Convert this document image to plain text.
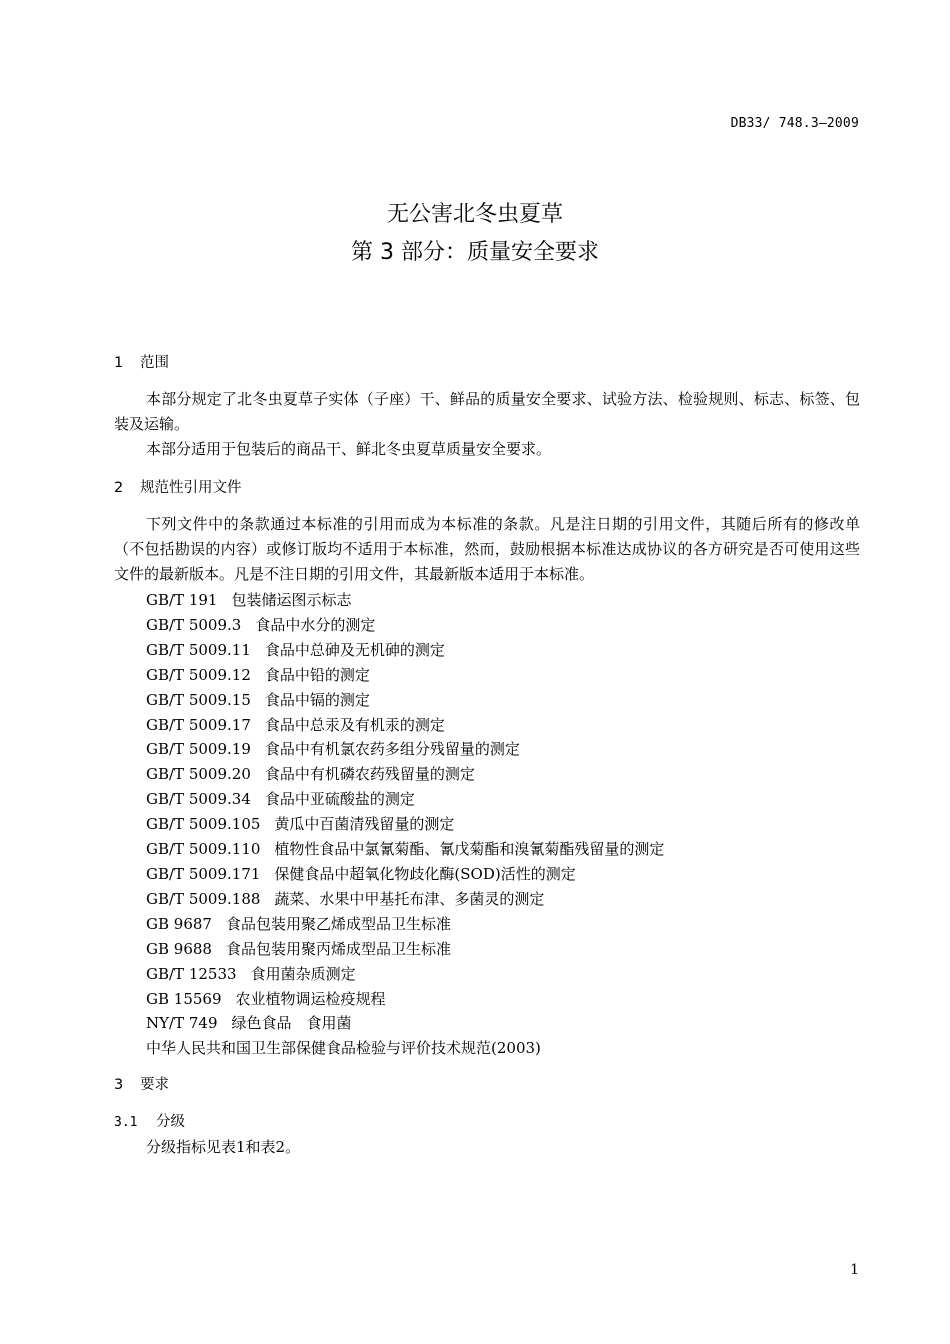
DB33/ 748.3—2009
无公害北冬虫夏草
第 3 部分：质量安全要求
1 范围
本部分规定了北冬虫夏草子实体（子座）干、鲜品的质量安全要求、试验方法、检验规则、标志、标签、包装及运输。
本部分适用于包装后的商品干、鲜北冬虫夏草质量安全要求。
2 规范性引用文件
下列文件中的条款通过本标准的引用而成为本标准的条款。凡是注日期的引用文件，其随后所有的修改单（不包括勘误的内容）或修订版均不适用于本标准，然而，鼓励根据本标准达成协议的各方研究是否可使用这些文件的最新版本。凡是不注日期的引用文件，其最新版本适用于本标准。
GB/T 191 包装储运图示标志
GB/T 5009.3 食品中水分的测定
GB/T 5009.11 食品中总砷及无机砷的测定
GB/T 5009.12 食品中铅的测定
GB/T 5009.15 食品中镉的测定
GB/T 5009.17 食品中总汞及有机汞的测定
GB/T 5009.19 食品中有机氯农药多组分残留量的测定
GB/T 5009.20 食品中有机磷农药残留量的测定
GB/T 5009.34 食品中亚硫酸盐的测定
GB/T 5009.105 黄瓜中百菌清残留量的测定
GB/T 5009.110 植物性食品中氯氰菊酯、氰戊菊酯和溴氰菊酯残留量的测定
GB/T 5009.171 保健食品中超氧化物歧化酶(SOD)活性的测定
GB/T 5009.188 蔬菜、水果中甲基托布津、多菌灵的测定
GB 9687 食品包装用聚乙烯成型品卫生标准
GB 9688 食品包装用聚丙烯成型品卫生标准
GB/T 12533 食用菌杂质测定
GB 15569 农业植物调运检疫规程
NY/T 749 绿色食品　食用菌
中华人民共和国卫生部保健食品检验与评价技术规范(2003)
3 要求
3.1 分级
分级指标见表1和表2。
1
